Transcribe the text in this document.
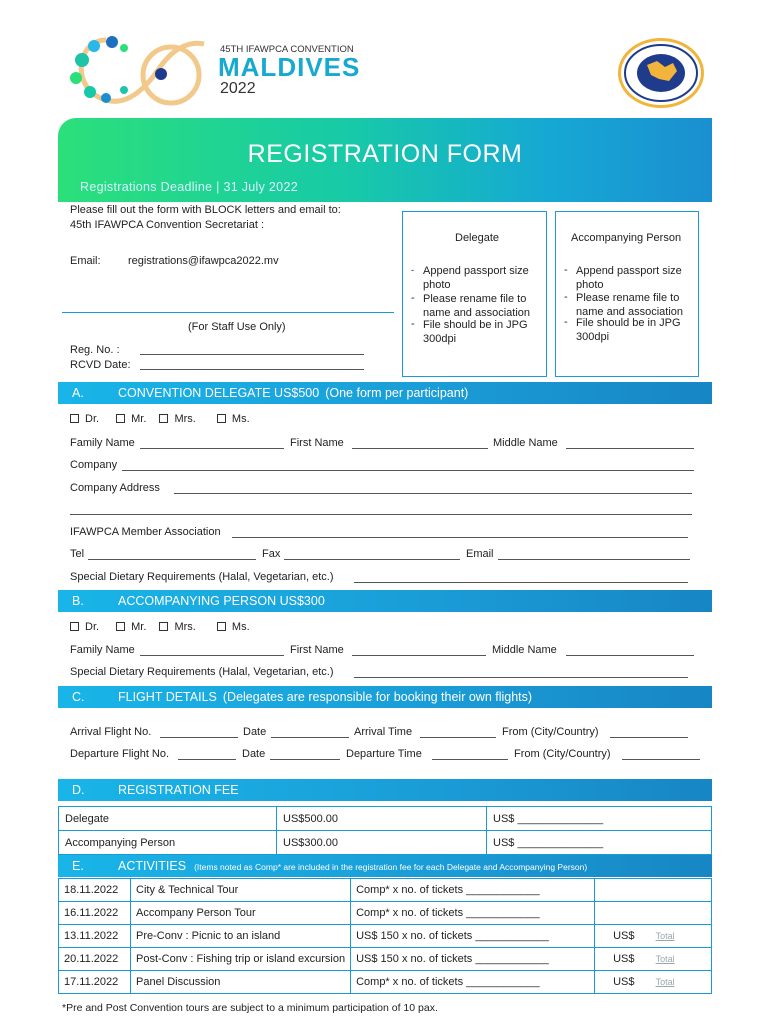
45TH IFAWPCA CONVENTION
MALDIVES
2022
REGISTRATION FORM
Registrations Deadline | 31 July 2022
Please fill out the form with BLOCK letters and email to:
45th IFAWPCA Convention Secretariat :
Email: registrations@ifawpca2022.mv
(For Staff Use Only)
Reg. No. :
RCVD Date:
Delegate
- Append passport size photo
- Please rename file to name and association
- File should be in JPG 300dpi
Accompanying Person
- Append passport size photo
- Please rename file to name and association
- File should be in JPG 300dpi
A.	CONVENTION DELEGATE US$500 (One form per participant)
Dr.	Mr.	Mrs.	Ms.
Family Name	First Name	Middle Name
Company
Company Address
IFAWPCA Member Association
Tel	Fax	Email
Special Dietary Requirements (Halal, Vegetarian, etc.)
B.	ACCOMPANYING PERSON US$300
Dr.	Mr.	Mrs.	Ms.
Family Name	First Name	Middle Name
Special Dietary Requirements (Halal, Vegetarian, etc.)
C.	FLIGHT DETAILS (Delegates are responsible for booking their own flights)
Arrival Flight No.	Date	Arrival Time	From (City/Country)
Departure Flight No.	Date	Departure Time	From (City/Country)
D.	REGISTRATION FEE
Delegate	US$500.00	US$ ______________
Accompanying Person	US$300.00	US$ ______________
E.	ACTIVITIES (Items noted as Comp* are included in the registration fee for each Delegate and Accompanying Person)
18.11.2022	City & Technical Tour	Comp* x no. of tickets ____________	
16.11.2022	Accompany Person Tour	Comp* x no. of tickets ____________	
13.11.2022	Pre-Conv : Picnic to an island	US$ 150 x no. of tickets ____________	US$ Total
20.11.2022	Post-Conv : Fishing trip or island excursion	US$ 150 x no. of tickets ____________	US$ Total
17.11.2022	Panel Discussion	Comp* x no. of tickets ____________	US$ Total
*Pre and Post Convention tours are subject to a minimum participation of 10 pax.
